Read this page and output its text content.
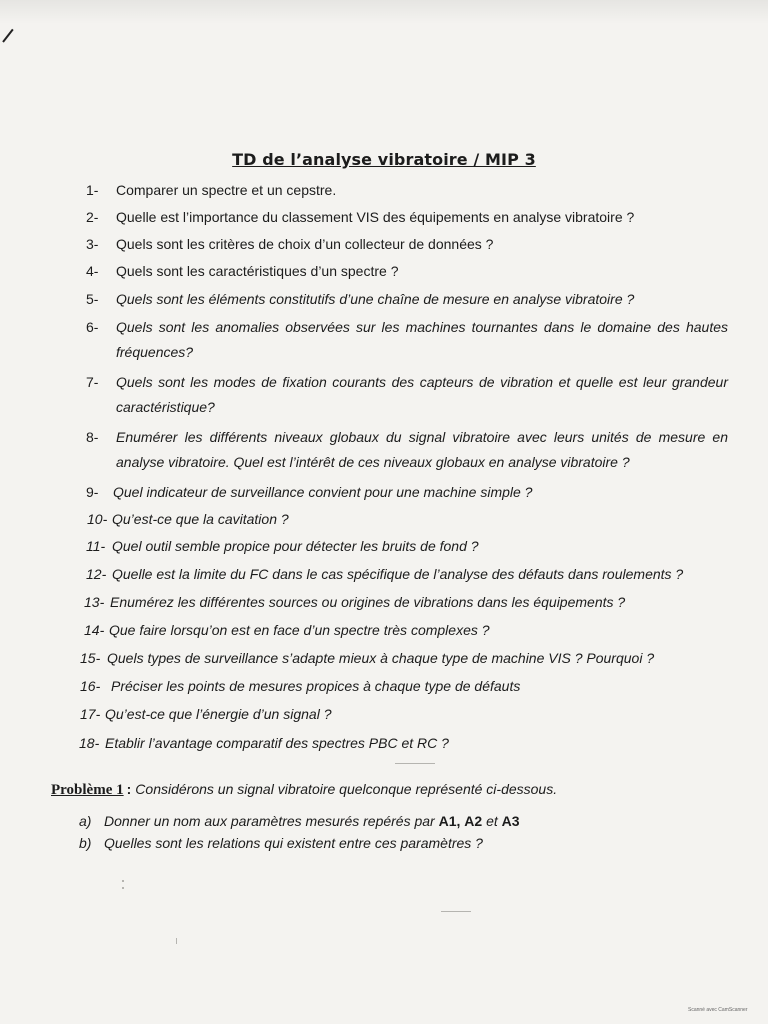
TD de l’analyse vibratoire / MIP 3
1- Comparer un spectre et un cepstre.
2- Quelle est l’importance du classement VIS des équipements en analyse vibratoire ?
3- Quels sont les critères de choix d’un collecteur de données ?
4- Quels sont les caractéristiques d’un spectre ?
5- Quels sont les éléments constitutifs d’une chaîne de mesure en analyse vibratoire ?
6- Quels sont les anomalies observées sur les machines tournantes dans le domaine des hautes fréquences?
7- Quels sont les modes de fixation courants des capteurs de vibration et quelle est leur grandeur caractéristique?
8- Enumérer les différents niveaux globaux du signal vibratoire avec leurs unités de mesure en analyse vibratoire. Quel est l’intérêt de ces niveaux globaux en analyse vibratoire ?
9- Quel indicateur de surveillance convient pour une machine simple ?
10- Qu’est-ce que la cavitation ?
11- Quel outil semble propice pour détecter les bruits de fond ?
12- Quelle est la limite du FC dans le cas spécifique de l’analyse des défauts dans roulements ?
13- Enumérez les différentes sources ou origines de vibrations dans les équipements ?
14- Que faire lorsqu’on est en face d’un spectre très complexes ?
15- Quels types de surveillance s’adapte mieux à chaque type de machine VIS ? Pourquoi ?
16- Préciser les points de mesures propices à chaque type de défauts
17- Qu’est-ce que l’énergie d’un signal ?
18- Etablir l’avantage comparatif des spectres PBC et RC ?
Problème 1 : Considérons un signal vibratoire quelconque représenté ci-dessous.
a) Donner un nom aux paramètres mesurés repérés par A1, A2 et A3
b) Quelles sont les relations qui existent entre ces paramètres ?
Scanné avec CamScanner
